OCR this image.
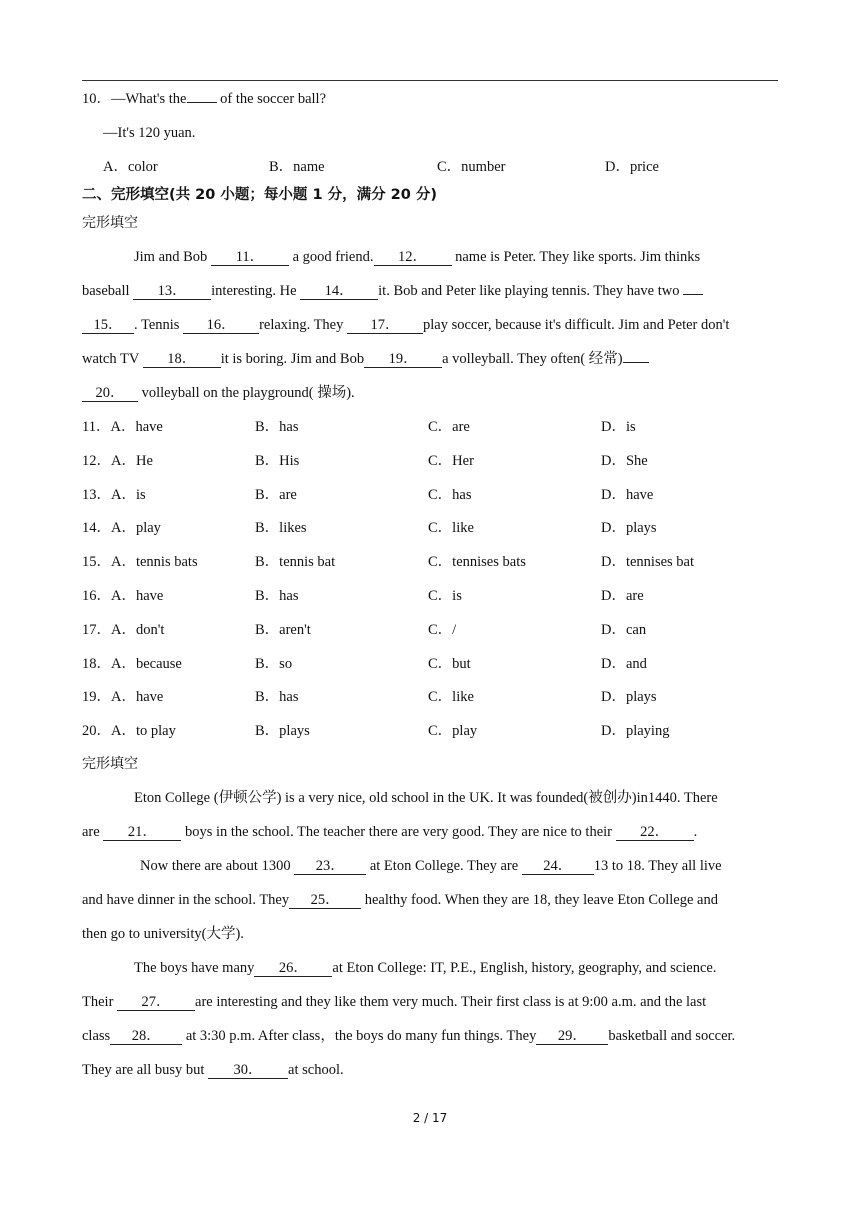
10．—What's the of the soccer ball?
—It's 120 yuan.
A．color	B．name	C．number	D．price
二、完形填空(共 20 小题；每小题 1 分，满分 20 分)
完形填空
Jim and Bob 11． a good friend. 12． name is Peter. They like sports. Jim thinks
baseball 13． interesting. He 14． it. Bob and Peter like playing tennis. They have two
15． . Tennis 16． relaxing. They 17． play soccer, because it's difficult. Jim and Peter don't
watch TV 18． it is boring. Jim and Bob 19． a volleyball. They often( 经常)
20． volleyball on the playground( 操场).
11．A．have	B．has	C．are	D．is
12．A．He	B．His	C．Her	D．She
13．A．is	B．are	C．has	D．have
14．A．play	B．likes	C．like	D．plays
15．A．tennis bats	B．tennis bat	C．tennises bats	D．tennises bat
16．A．have	B．has	C．is	D．are
17．A．don't	B．aren't	C．/	D．can
18．A．because	B．so	C．but	D．and
19．A．have	B．has	C．like	D．plays
20．A．to play	B．plays	C．play	D．playing
完形填空
Eton College (伊顿公学) is a very nice, old school in the UK. It was founded(被创办)in1440. There
are 21． boys in the school. The teacher there are very good. They are nice to their 22． .
Now there are about 1300 23． at Eton College. They are 24． 13 to 18. They all live
and have dinner in the school. They 25． healthy food. When they are 18, they leave Eton College and
then go to university(大学).
The boys have many 26． at Eton College: IT, P.E., English, history, geography, and science.
Their 27． are interesting and they like them very much. Their first class is at 9:00 a.m. and the last
class 28． at 3:30 p.m. After class，the boys do many fun things. They 29． basketball and soccer.
They are all busy but 30． at school.
2 / 17
